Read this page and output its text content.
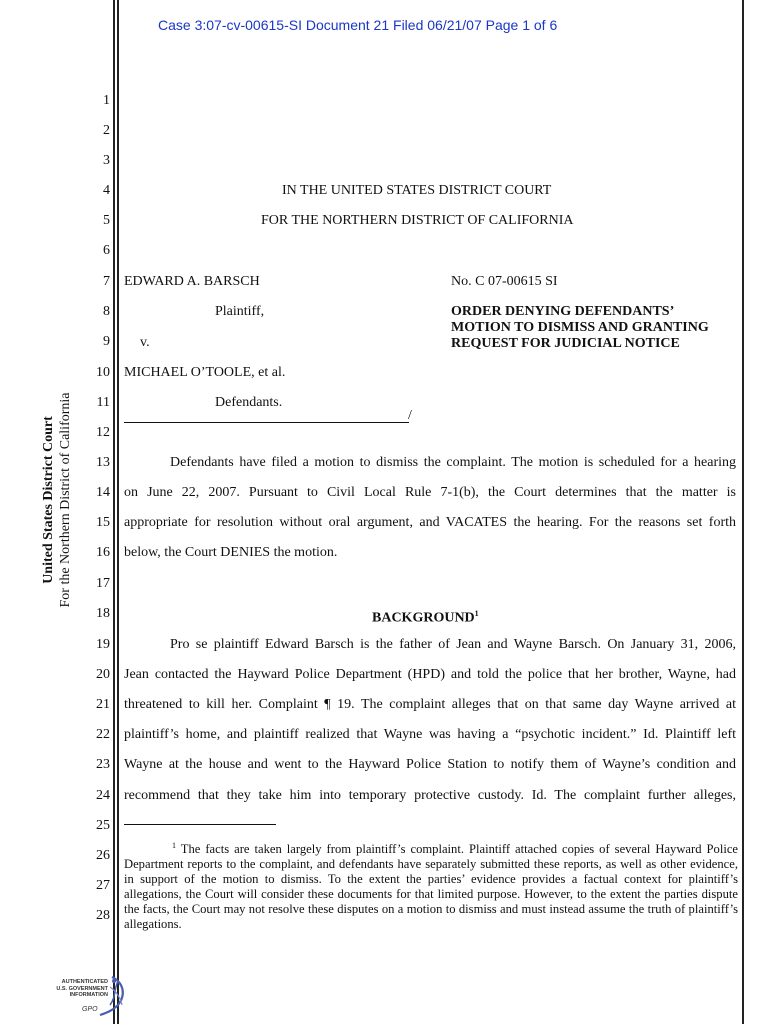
Case 3:07-cv-00615-SI Document 21 Filed 06/21/07 Page 1 of 6
United States District Court For the Northern District of California
1
2
3
4
5
6
7
8
9
10
11
12
13
14
15
16
17
18
19
20
21
22
23
24
25
26
27
28
IN THE UNITED STATES DISTRICT COURT
FOR THE NORTHERN DISTRICT OF CALIFORNIA
EDWARD A. BARSCH
Plaintiff,
v.
MICHAEL O’TOOLE, et al.
Defendants.
/
No. C 07-00615 SI
ORDER DENYING DEFENDANTS’
MOTION TO DISMISS AND GRANTING
REQUEST FOR JUDICIAL NOTICE
Defendants have filed a motion to dismiss the complaint. The motion is scheduled for a hearing
on June 22, 2007. Pursuant to Civil Local Rule 7-1(b), the Court determines that the matter is
appropriate for resolution without oral argument, and VACATES the hearing. For the reasons set forth
below, the Court DENIES the motion.
BACKGROUND$^1$
Pro se plaintiff Edward Barsch is the father of Jean and Wayne Barsch. On January 31, 2006,
Jean contacted the Hayward Police Department (HPD) and told the police that her brother, Wayne, had
threatened to kill her. Complaint ¶ 19. The complaint alleges that on that same day Wayne arrived at
plaintiff’s home, and plaintiff realized that Wayne was having a “psychotic incident.” Id. Plaintiff left
Wayne at the house and went to the Hayward Police Station to notify them of Wayne’s condition and
recommend that they take him into temporary protective custody. Id. The complaint further alleges,
$^1$ The facts are taken largely from plaintiff’s complaint. Plaintiff attached copies of several Hayward Police Department reports to the complaint, and defendants have separately submitted these reports, as well as other evidence, in support of the motion to dismiss. To the extent the parties’ evidence provides a factual context for plaintiff’s allegations, the Court will consider these documents for that limited purpose. However, to the extent the parties dispute the facts, the Court may not resolve these disputes on a motion to dismiss and must instead assume the truth of plaintiff’s allegations.
AUTHENTICATED
U.S. GOVERNMENT
INFORMATION
GPO
